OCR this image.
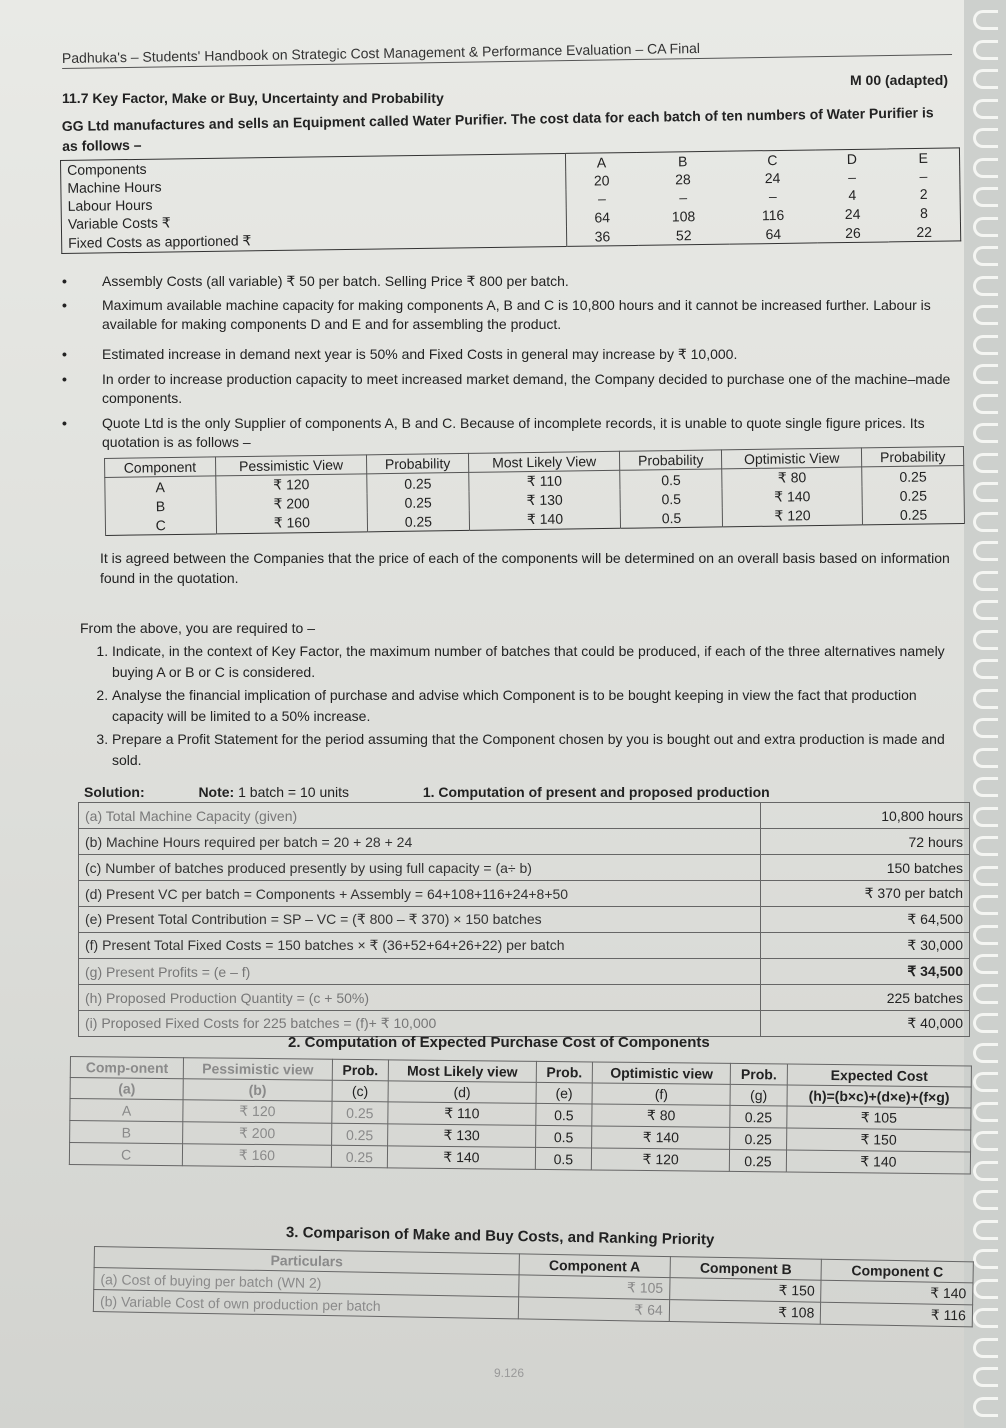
Padhuka's – Students' Handbook on Strategic Cost Management & Performance Evaluation – CA Final
M 00 (adapted)
11.7 Key Factor, Make or Buy, Uncertainty and Probability
GG Ltd manufactures and sells an Equipment called Water Purifier. The cost data for each batch of ten numbers of Water Purifier is as follows –
Components	A	B	C	D	E
Machine Hours	20	28	24	–	–
Labour Hours	–	–	–	4	2
Variable Costs ₹	64	108	116	24	8
Fixed Costs as apportioned ₹	36	52	64	26	22
•	Assembly Costs (all variable) ₹ 50 per batch. Selling Price ₹ 800 per batch.
•	Maximum available machine capacity for making components A, B and C is 10,800 hours and it cannot be increased further. Labour is available for making components D and E and for assembling the product.
•	Estimated increase in demand next year is 50% and Fixed Costs in general may increase by ₹ 10,000.
•	In order to increase production capacity to meet increased market demand, the Company decided to purchase one of the machine–made components.
•	Quote Ltd is the only Supplier of components A, B and C. Because of incomplete records, it is unable to quote single figure prices. Its quotation is as follows –
Component	Pessimistic View	Probability	Most Likely View	Probability	Optimistic View	Probability
A	₹ 120	0.25	₹ 110	0.5	₹ 80	0.25
B	₹ 200	0.25	₹ 130	0.5	₹ 140	0.25
C	₹ 160	0.25	₹ 140	0.5	₹ 120	0.25
It is agreed between the Companies that the price of each of the components will be determined on an overall basis based on information found in the quotation.
From the above, you are required to –
1. Indicate, in the context of Key Factor, the maximum number of batches that could be produced, if each of the three alternatives namely buying A or B or C is considered.
2. Analyse the financial implication of purchase and advise which Component is to be bought keeping in view the fact that production capacity will be limited to a 50% increase.
3. Prepare a Profit Statement for the period assuming that the Component chosen by you is bought out and extra production is made and sold.
Solution:	Note: 1 batch = 10 units	1. Computation of present and proposed production
(a) Total Machine Capacity (given)	10,800 hours
(b) Machine Hours required per batch = 20 + 28 + 24	72 hours
(c) Number of batches produced presently by using full capacity = (a÷ b)	150 batches
(d) Present VC per batch = Components + Assembly = 64+108+116+24+8+50	₹ 370 per batch
(e) Present Total Contribution = SP – VC = (₹ 800 – ₹ 370) × 150 batches	₹ 64,500
(f) Present Total Fixed Costs = 150 batches × ₹ (36+52+64+26+22) per batch	₹ 30,000
(g) Present Profits = (e – f)	₹ 34,500
(h) Proposed Production Quantity = (c + 50%)	225 batches
(i) Proposed Fixed Costs for 225 batches = (f)+ ₹ 10,000	₹ 40,000
2. Computation of Expected Purchase Cost of Components
Comp-onent	Pessimistic view	Prob.	Most Likely view	Prob.	Optimistic view	Prob.	Expected Cost
(a)	(b)	(c)	(d)	(e)	(f)	(g)	(h)=(b×c)+(d×e)+(f×g)
A	₹ 120	0.25	₹ 110	0.5	₹ 80	0.25	₹ 105
B	₹ 200	0.25	₹ 130	0.5	₹ 140	0.25	₹ 150
C	₹ 160	0.25	₹ 140	0.5	₹ 120	0.25	₹ 140
3. Comparison of Make and Buy Costs, and Ranking Priority
Particulars	Component A	Component B	Component C
(a) Cost of buying per batch (WN 2)	₹ 105	₹ 150	₹ 140
(b) Variable Cost of own production per batch	₹ 64	₹ 108	₹ 116
9.126
